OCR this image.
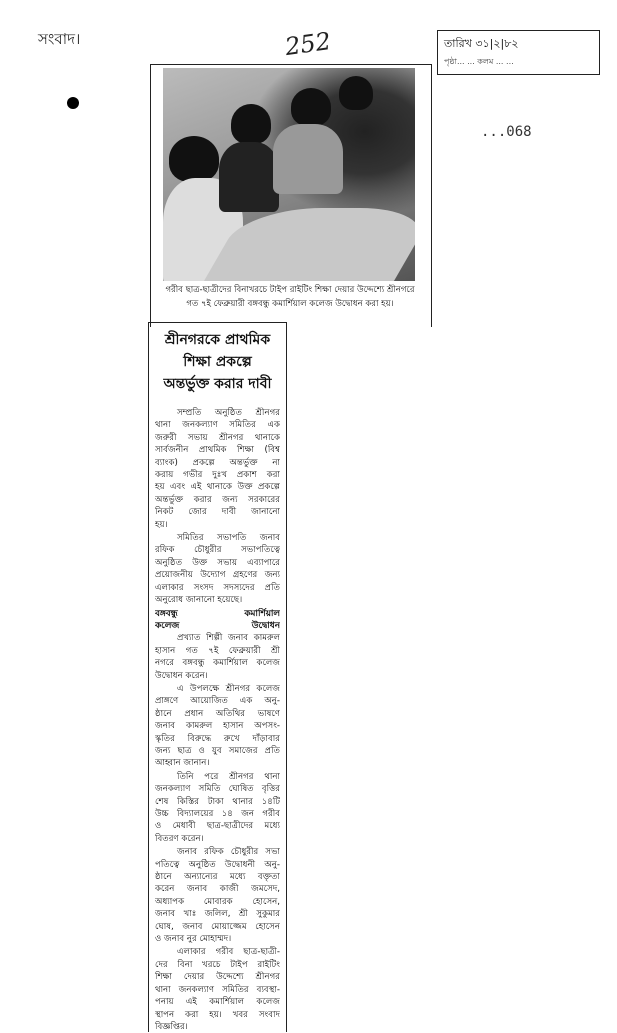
সংবাদ।	252	তারিখ ৩১|২|৮২
পৃষ্ঠা... ... কলম ... ...
...068
গরীব ছাত্র-ছাত্রীদের বিনাখরচে টাইপ রাইটিং শিক্ষা দেয়ার উদ্দেশ্যে শ্রীনগরে গত ৭ই ফেব্রুয়ারী বঙ্গবন্ধু কমার্শিয়াল কলেজ উদ্বোধন করা হয়।
শ্রীনগরকে প্রাথমিক
শিক্ষা প্রকল্পে
অন্তর্ভুক্ত করার দাবী
সম্প্রতি অনুষ্ঠিত শ্রীনগর
থানা জনকল্যাণ সমিতির এক
জরুরী সভায় শ্রীনগর থানাকে
সার্বজনীন প্রাথমিক শিক্ষা (বিশ্ব
ব্যাংক) প্রকল্পে অন্তর্ভুক্ত না
করায় গভীর দুঃখ প্রকাশ করা
হয় এবং এই থানাকে উক্ত প্রকল্পে
অন্তর্ভুক্ত করার জন্য সরকারের
নিকট জোর দাবী জানানো
হয়।
সমিতির সভাপতি জনাব
রফিক চৌধুরীর সভাপতিত্বে
অনুষ্ঠিত উক্ত সভায় এব্যাপারে
প্রয়োজনীয় উদ্যোগ গ্রহণের জন্য
এলাকার সংসদ সদস্যদের প্রতি
অনুরোধ জানানো হয়েছে।
বঙ্গবন্ধু কমার্শিয়াল
কলেজ উদ্বোধন
প্রখ্যাত শিল্পী জনাব কামরুল
হাসান গত ৭ই ফেব্রুয়ারী শ্রী
নগরে বঙ্গবন্ধু কমার্শিয়াল কলেজ
উদ্বোধন করেন।
এ উপলক্ষে শ্রীনগর কলেজ
প্রাঙ্গণে আয়োজিত এক অনু-
ষ্ঠানে প্রধান অতিথির ভাষণে
জনাব কামরুল হাসান অপসং-
স্কৃতির বিরুদ্ধে রুখে দাঁড়াবার
জন্য ছাত্র ও যুব সমাজের প্রতি
আহ্বান জানান।
তিনি পরে শ্রীনগর থানা
জনকল্যাণ সমিতি ঘোষিত বৃত্তির
শেষ কিস্তির টাকা থানার ১৪টি
উচ্চ বিদ্যালয়ের ১৪ জন গরীব
ও মেধাবী ছাত্র-ছাত্রীদের মধ্যে
বিতরণ করেন।
জনাব রফিক চৌধুরীর সভা
পতিত্বে অনুষ্ঠিত উদ্বোধনী অনু-
ষ্ঠানে অন্যান্যের মধ্যে বক্তৃতা
করেন জনাব কাজী জমসেদ,
অধ্যাপক মোবারক হোসেন,
জনাব খাঃ জলিল, শ্রী সুকুমার
ঘোষ, জনাব মোয়াজ্জেম হোসেন
ও জনাব নুর মোহাম্মদ।
এলাকার গরীব ছাত্র-ছাত্রী-
দের বিনা খরচে টাইপ রাইটিং
শিক্ষা দেয়ার উদ্দেশ্যে শ্রীনগর
থানা জনকল্যাণ সমিতির ব্যবস্থা-
পনায় এই কমার্শিয়াল কলেজ
স্থাপন করা হয়। খবর সংবাদ
বিজ্ঞপ্তির।
